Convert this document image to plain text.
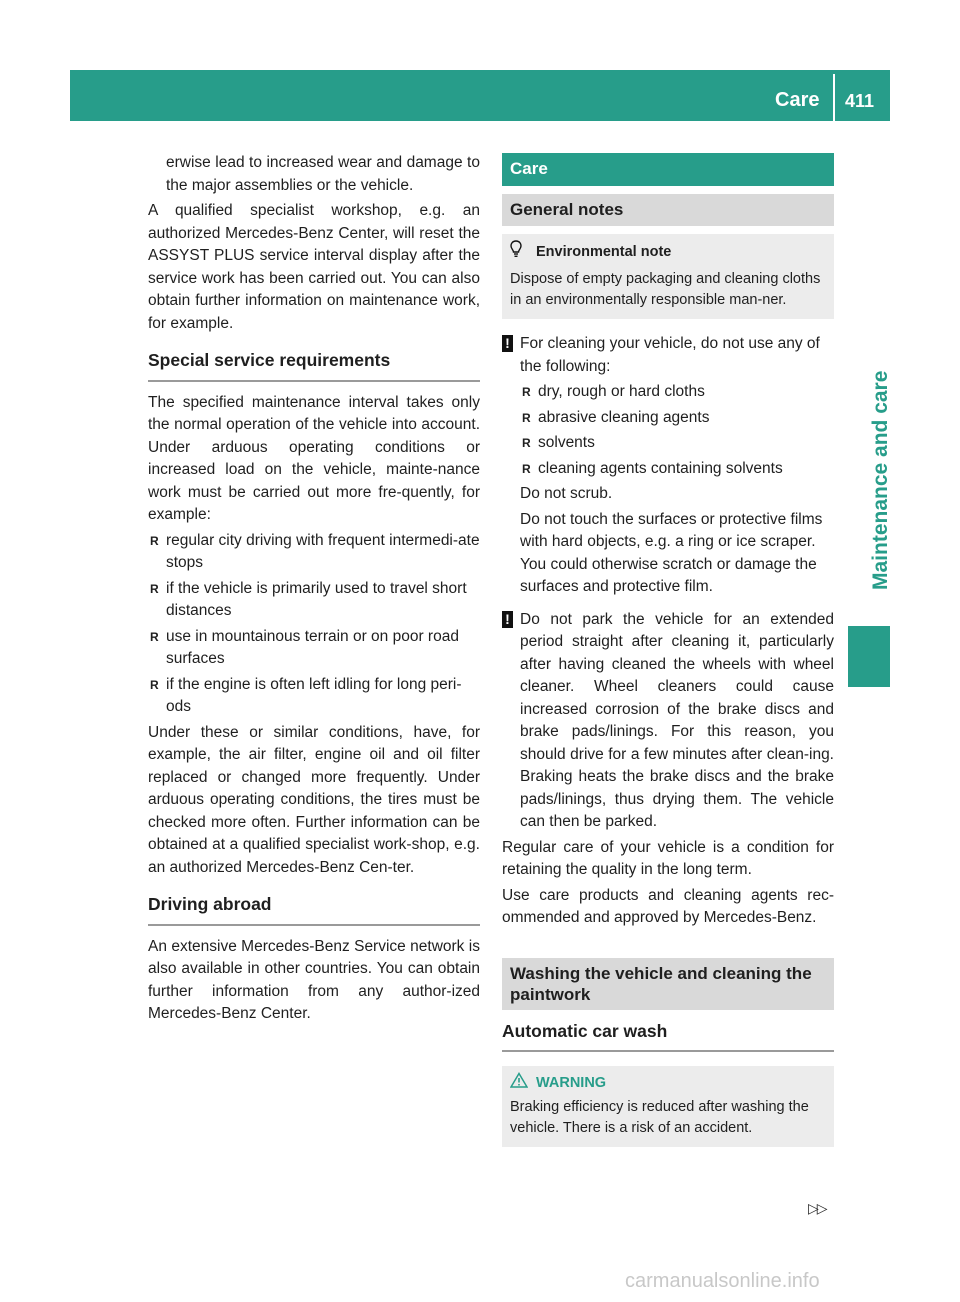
Care 411
Maintenance and care

erwise lead to increased wear and damage to the major assemblies or the vehicle.

A qualified specialist workshop, e.g. an authorized Mercedes-Benz Center, will reset the ASSYST PLUS service interval display after the service work has been carried out. You can also obtain further information on maintenance work, for example.

Special service requirements

The specified maintenance interval takes only the normal operation of the vehicle into account. Under arduous operating conditions or increased load on the vehicle, mainte-nance work must be carried out more fre-quently, for example:

R regular city driving with frequent intermedi-ate stops
R if the vehicle is primarily used to travel short distances
R use in mountainous terrain or on poor road surfaces
R if the engine is often left idling for long peri-ods

Under these or similar conditions, have, for example, the air filter, engine oil and oil filter replaced or changed more frequently. Under arduous operating conditions, the tires must be checked more often. Further information can be obtained at a qualified specialist work-shop, e.g. an authorized Mercedes-Benz Cen-ter.

Driving abroad

An extensive Mercedes-Benz Service network is also available in other countries. You can obtain further information from any author-ized Mercedes-Benz Center.

Care
General notes
Environmental note
Dispose of empty packaging and cleaning cloths in an environmentally responsible man-ner.
! For cleaning your vehicle, do not use any of the following:

R dry, rough or hard cloths
R abrasive cleaning agents
R solvents
R cleaning agents containing solvents

Do not scrub.

Do not touch the surfaces or protective films with hard objects, e.g. a ring or ice scraper. You could otherwise scratch or damage the surfaces and protective film.

! Do not park the vehicle for an extended period straight after cleaning it, particularly after having cleaned the wheels with wheel cleaner. Wheel cleaners could cause increased corrosion of the brake discs and brake pads/linings. For this reason, you should drive for a few minutes after clean-ing. Braking heats the brake discs and the brake pads/linings, thus drying them. The vehicle can then be parked.

Regular care of your vehicle is a condition for retaining the quality in the long term.

Use care products and cleaning agents rec-ommended and approved by Mercedes-Benz.

Washing the vehicle and cleaning the paintwork
Automatic car wash
WARNING
Braking efficiency is reduced after washing the vehicle. There is a risk of an accident.
▷▷
carmanualsonline.info
